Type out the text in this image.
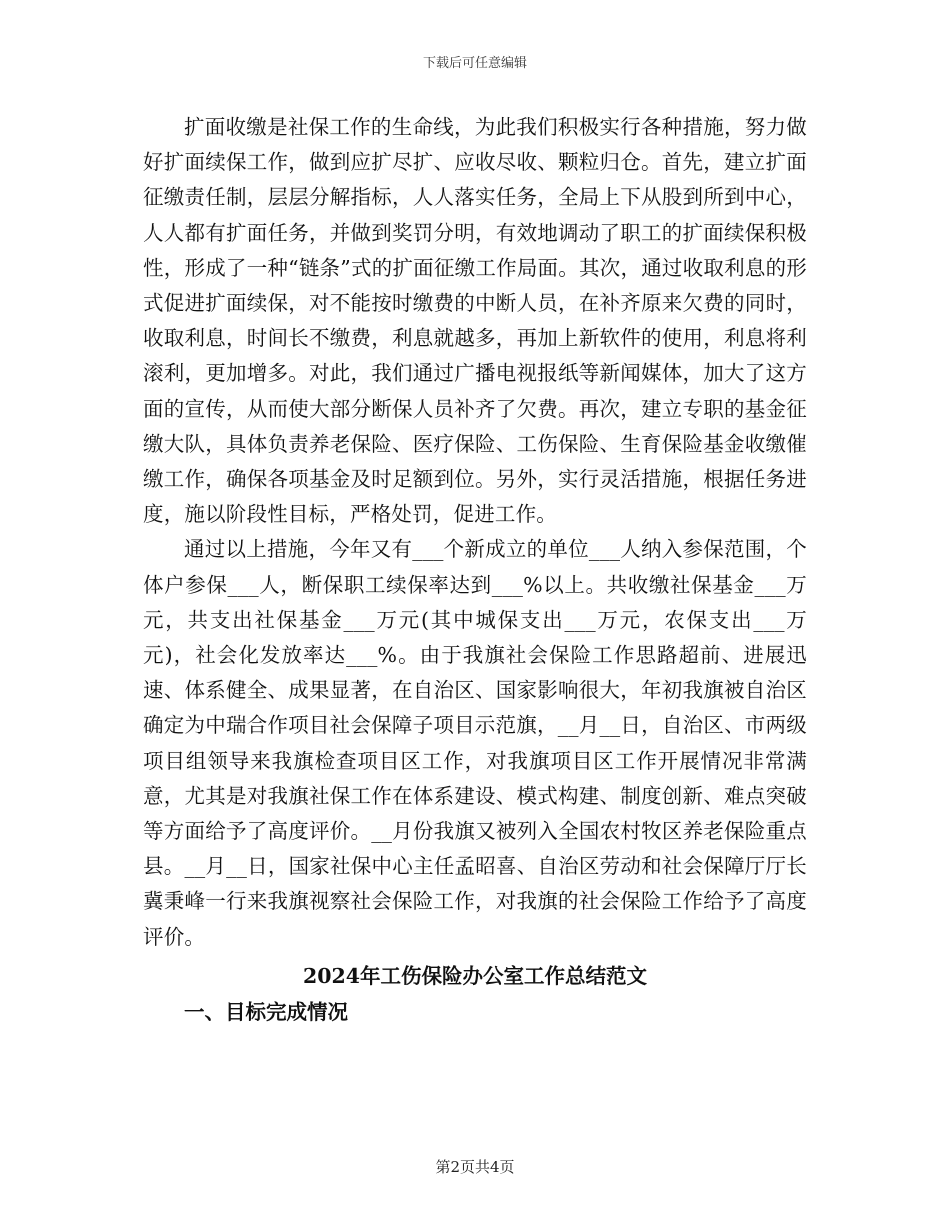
下载后可任意编辑

扩面收缴是社保工作的生命线，为此我们积极实行各种措施，努力做好扩面续保工作，做到应扩尽扩、应收尽收、颗粒归仓。首先，建立扩面征缴责任制，层层分解指标，人人落实任务，全局上下从股到所到中心，人人都有扩面任务，并做到奖罚分明，有效地调动了职工的扩面续保积极性，形成了一种“链条”式的扩面征缴工作局面。其次，通过收取利息的形式促进扩面续保，对不能按时缴费的中断人员，在补齐原来欠费的同时，收取利息，时间长不缴费，利息就越多，再加上新软件的使用，利息将利滚利，更加增多。对此，我们通过广播电视报纸等新闻媒体，加大了这方面的宣传，从而使大部分断保人员补齐了欠费。再次，建立专职的基金征缴大队，具体负责养老保险、医疗保险、工伤保险、生育保险基金收缴催缴工作，确保各项基金及时足额到位。另外，实行灵活措施，根据任务进度，施以阶段性目标，严格处罚，促进工作。

通过以上措施，今年又有___个新成立的单位___人纳入参保范围，个体户参保___人，断保职工续保率达到___%以上。共收缴社保基金___万元，共支出社保基金___万元(其中城保支出___万元，农保支出___万元)，社会化发放率达___%。由于我旗社会保险工作思路超前、进展迅速、体系健全、成果显著，在自治区、国家影响很大，年初我旗被自治区确定为中瑞合作项目社会保障子项目示范旗，__月__日，自治区、市两级项目组领导来我旗检查项目区工作，对我旗项目区工作开展情况非常满意，尤其是对我旗社保工作在体系建设、模式构建、制度创新、难点突破等方面给予了高度评价。__月份我旗又被列入全国农村牧区养老保险重点县。__月__日，国家社保中心主任孟昭喜、自治区劳动和社会保障厅厅长冀秉峰一行来我旗视察社会保险工作，对我旗的社会保险工作给予了高度评价。

2024年工伤保险办公室工作总结范文
一、目标完成情况
第2页共4页
